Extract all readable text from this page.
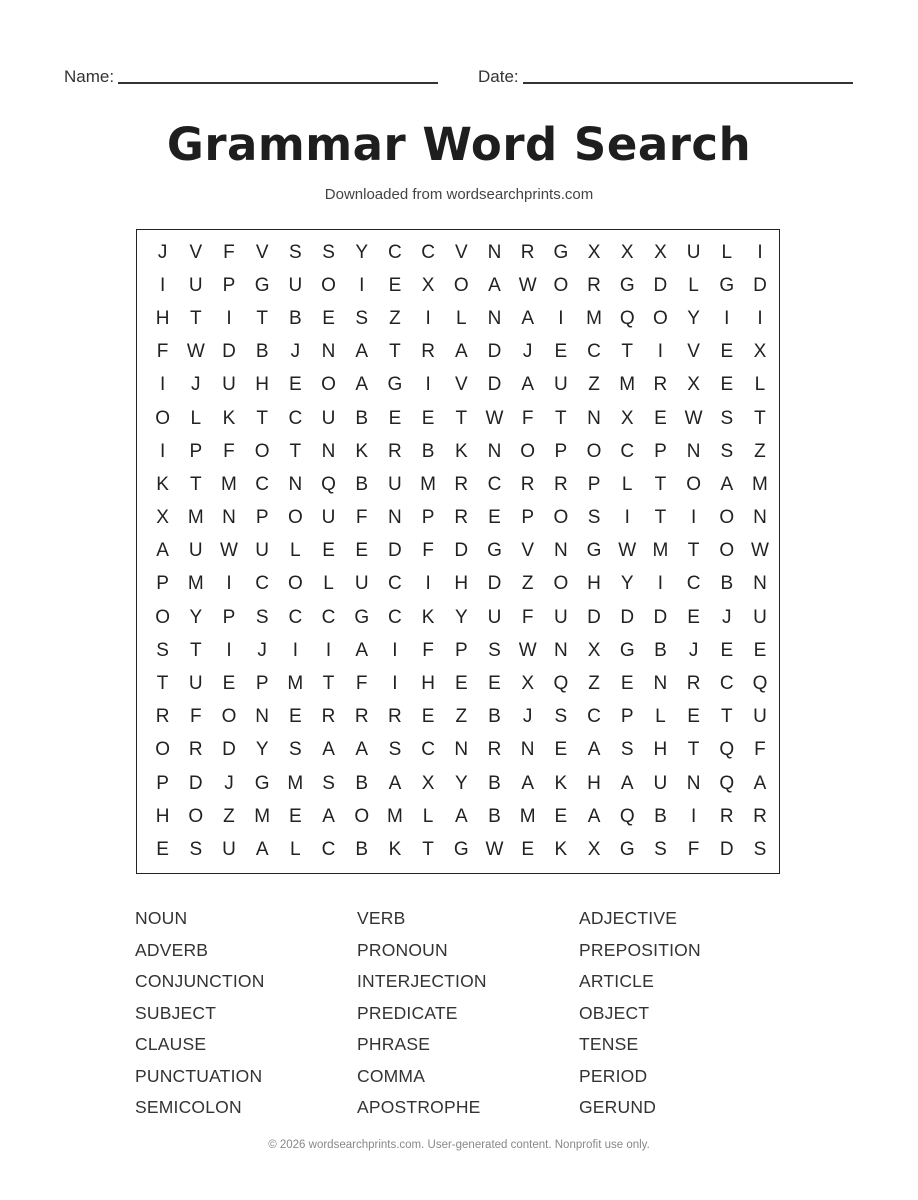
Name:	Date:
Grammar Word Search
Downloaded from wordsearchprints.com
J	V	F	V	S	S	Y	C	C	V	N	R G	X	X	X	U	L	I
I	U	P	G U O	I	E	X	O	A W O R G D	L	G D
H	T	I	T	B	E	S	Z	I	L	N	A	I	M Q O	Y	I	I
F W D	B	J	N	A	T	R	A	D	J	E	C	T	I	V	E	X
I	J	U	H	E	O	A	G	I	V	D	A	U	Z	M R	X	E	L
O	L	K	T	C	U	B	E	E	T W F	T	N	X	E W S	T
I	P	F	O	T	N	K	R	B	K	N O	P	O C	P	N	S	Z
K	T	M C	N Q	B	U M R	C	R	R	P	L	T	O	A M
X M N	P	O U	F	N	P	R	E	P	O	S	I	T	I	O N
A	U W U	L	E	E	D	F	D G	V	N G W M	T	O W
P M	I	C O	L	U	C	I	H	D	Z	O H	Y	I	C	B	N
O	Y	P	S	C	C G C	K	Y	U	F	U	D	D	D	E	J	U
S	T	I	J	I	I	A	I	F	P	S W N	X	G	B	J	E	E
T	U	E	P M	T	F	I	H	E	E	X	Q	Z	E	N	R	C Q
R	F	O N	E	R	R	R	E	Z	B	J	S	C	P	L	E	T	U
O R	D	Y	S	A	A	S	C	N	R	N	E	A	S	H	T	Q	F
P	D	J	G M S	B	A	X	Y	B	A	K	H	A	U	N Q	A
H O	Z	M E	A	O M	L	A	B M E	A	Q	B	I	R	R
E	S	U	A	L	C	B	K	T	G W E	K	X	G	S	F	D	S
NOUN	VERB	ADJECTIVE
ADVERB	PRONOUN	PREPOSITION
CONJUNCTION	INTERJECTION	ARTICLE
SUBJECT	PREDICATE	OBJECT
CLAUSE	PHRASE	TENSE
PUNCTUATION	COMMA	PERIOD
SEMICOLON	APOSTROPHE	GERUND
© 2026 wordsearchprints.com. User-generated content. Nonprofit use only.
